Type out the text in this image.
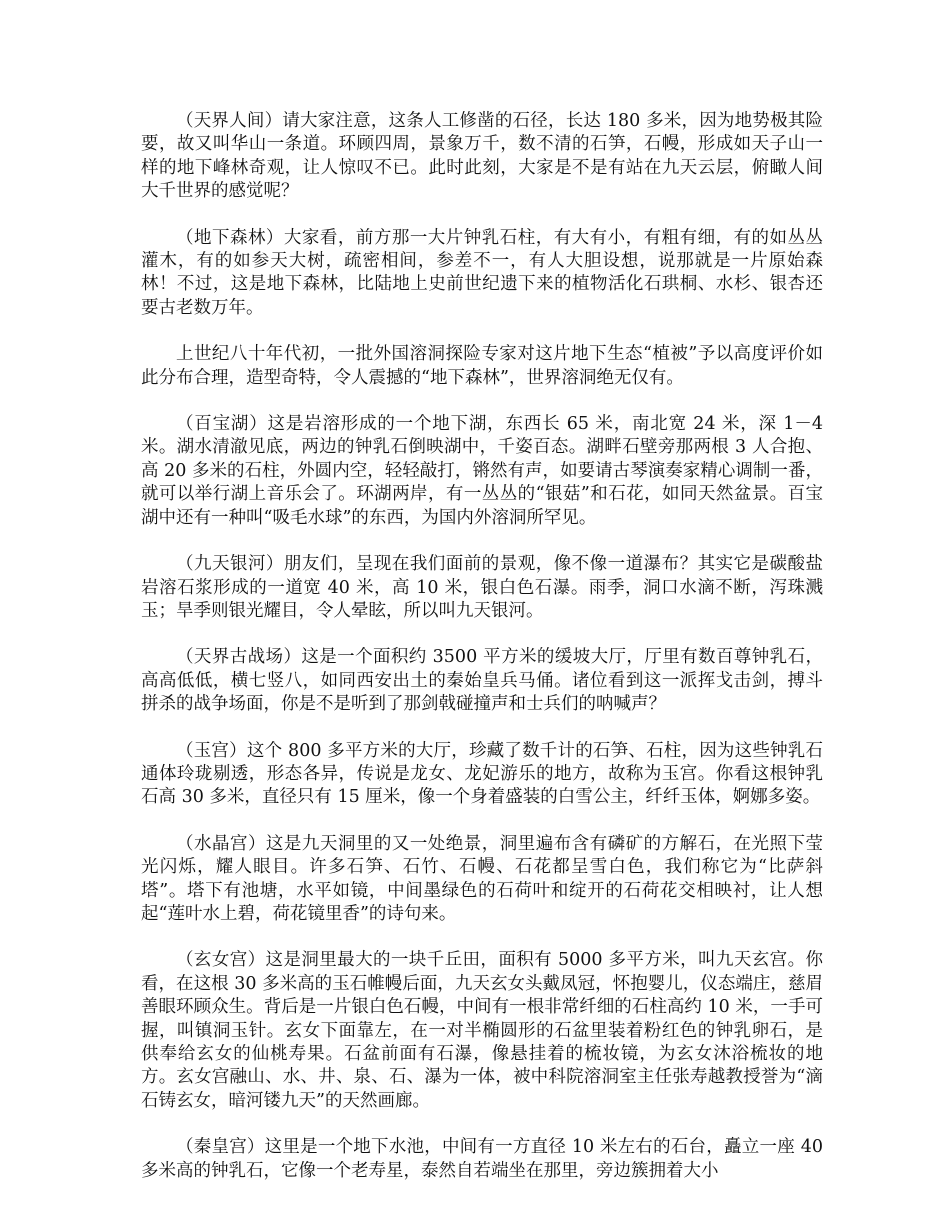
（天界人间）请大家注意，这条人工修凿的石径，长达 180 多米，因为地势极其险要，故又叫华山一条道。环顾四周，景象万千，数不清的石笋，石幔，形成如天子山一样的地下峰林奇观，让人惊叹不已。此时此刻，大家是不是有站在九天云层，俯瞰人间大千世界的感觉呢？

（地下森林）大家看，前方那一大片钟乳石柱，有大有小，有粗有细，有的如丛丛灌木，有的如参天大树，疏密相间，参差不一，有人大胆设想，说那就是一片原始森林！不过，这是地下森林，比陆地上史前世纪遗下来的植物活化石珙桐、水杉、银杏还要古老数万年。

上世纪八十年代初，一批外国溶洞探险专家对这片地下生态“植被”予以高度评价如此分布合理，造型奇特，令人震撼的“地下森林”，世界溶洞绝无仅有。

（百宝湖）这是岩溶形成的一个地下湖，东西长 65 米，南北宽 24 米，深 1－4 米。湖水清澈见底，两边的钟乳石倒映湖中，千姿百态。湖畔石壁旁那两根 3 人合抱、高 20 多米的石柱，外圆内空，轻轻敲打，锵然有声，如要请古琴演奏家精心调制一番，就可以举行湖上音乐会了。环湖两岸，有一丛丛的“银菇”和石花，如同天然盆景。百宝湖中还有一种叫“吸毛水球”的东西，为国内外溶洞所罕见。

（九天银河）朋友们，呈现在我们面前的景观，像不像一道瀑布？其实它是碳酸盐岩溶石浆形成的一道宽 40 米，高 10 米，银白色石瀑。雨季，洞口水滴不断，泻珠溅玉；旱季则银光耀目，令人晕眩，所以叫九天银河。

（天界古战场）这是一个面积约 3500 平方米的缓坡大厅，厅里有数百尊钟乳石，高高低低，横七竖八，如同西安出土的秦始皇兵马俑。诸位看到这一派挥戈击剑，搏斗拼杀的战争场面，你是不是听到了那剑戟碰撞声和士兵们的呐喊声？

（玉宫）这个 800 多平方米的大厅，珍藏了数千计的石笋、石柱，因为这些钟乳石通体玲珑剔透，形态各异，传说是龙女、龙妃游乐的地方，故称为玉宫。你看这根钟乳石高 30 多米，直径只有 15 厘米，像一个身着盛装的白雪公主，纤纤玉体，婀娜多姿。

（水晶宫）这是九天洞里的又一处绝景，洞里遍布含有磷矿的方解石，在光照下莹光闪烁，耀人眼目。许多石笋、石竹、石幔、石花都呈雪白色，我们称它为“比萨斜塔”。塔下有池塘，水平如镜，中间墨绿色的石荷叶和绽开的石荷花交相映衬，让人想起“莲叶水上碧，荷花镜里香”的诗句来。

（玄女宫）这是洞里最大的一块千丘田，面积有 5000 多平方米，叫九天玄宫。你看，在这根 30 多米高的玉石帷幔后面，九天玄女头戴凤冠，怀抱婴儿，仪态端庄，慈眉善眼环顾众生。背后是一片银白色石幔，中间有一根非常纤细的石柱高约 10 米，一手可握，叫镇洞玉针。玄女下面靠左，在一对半椭圆形的石盆里装着粉红色的钟乳卵石，是供奉给玄女的仙桃寿果。石盆前面有石瀑，像悬挂着的梳妆镜，为玄女沐浴梳妆的地方。玄女宫融山、水、井、泉、石、瀑为一体，被中科院溶洞室主任张寿越教授誉为“滴石铸玄女，暗河镂九天”的天然画廊。

（秦皇宫）这里是一个地下水池，中间有一方直径 10 米左右的石台，矗立一座 40 多米高的钟乳石，它像一个老寿星，泰然自若端坐在那里，旁边簇拥着大小
